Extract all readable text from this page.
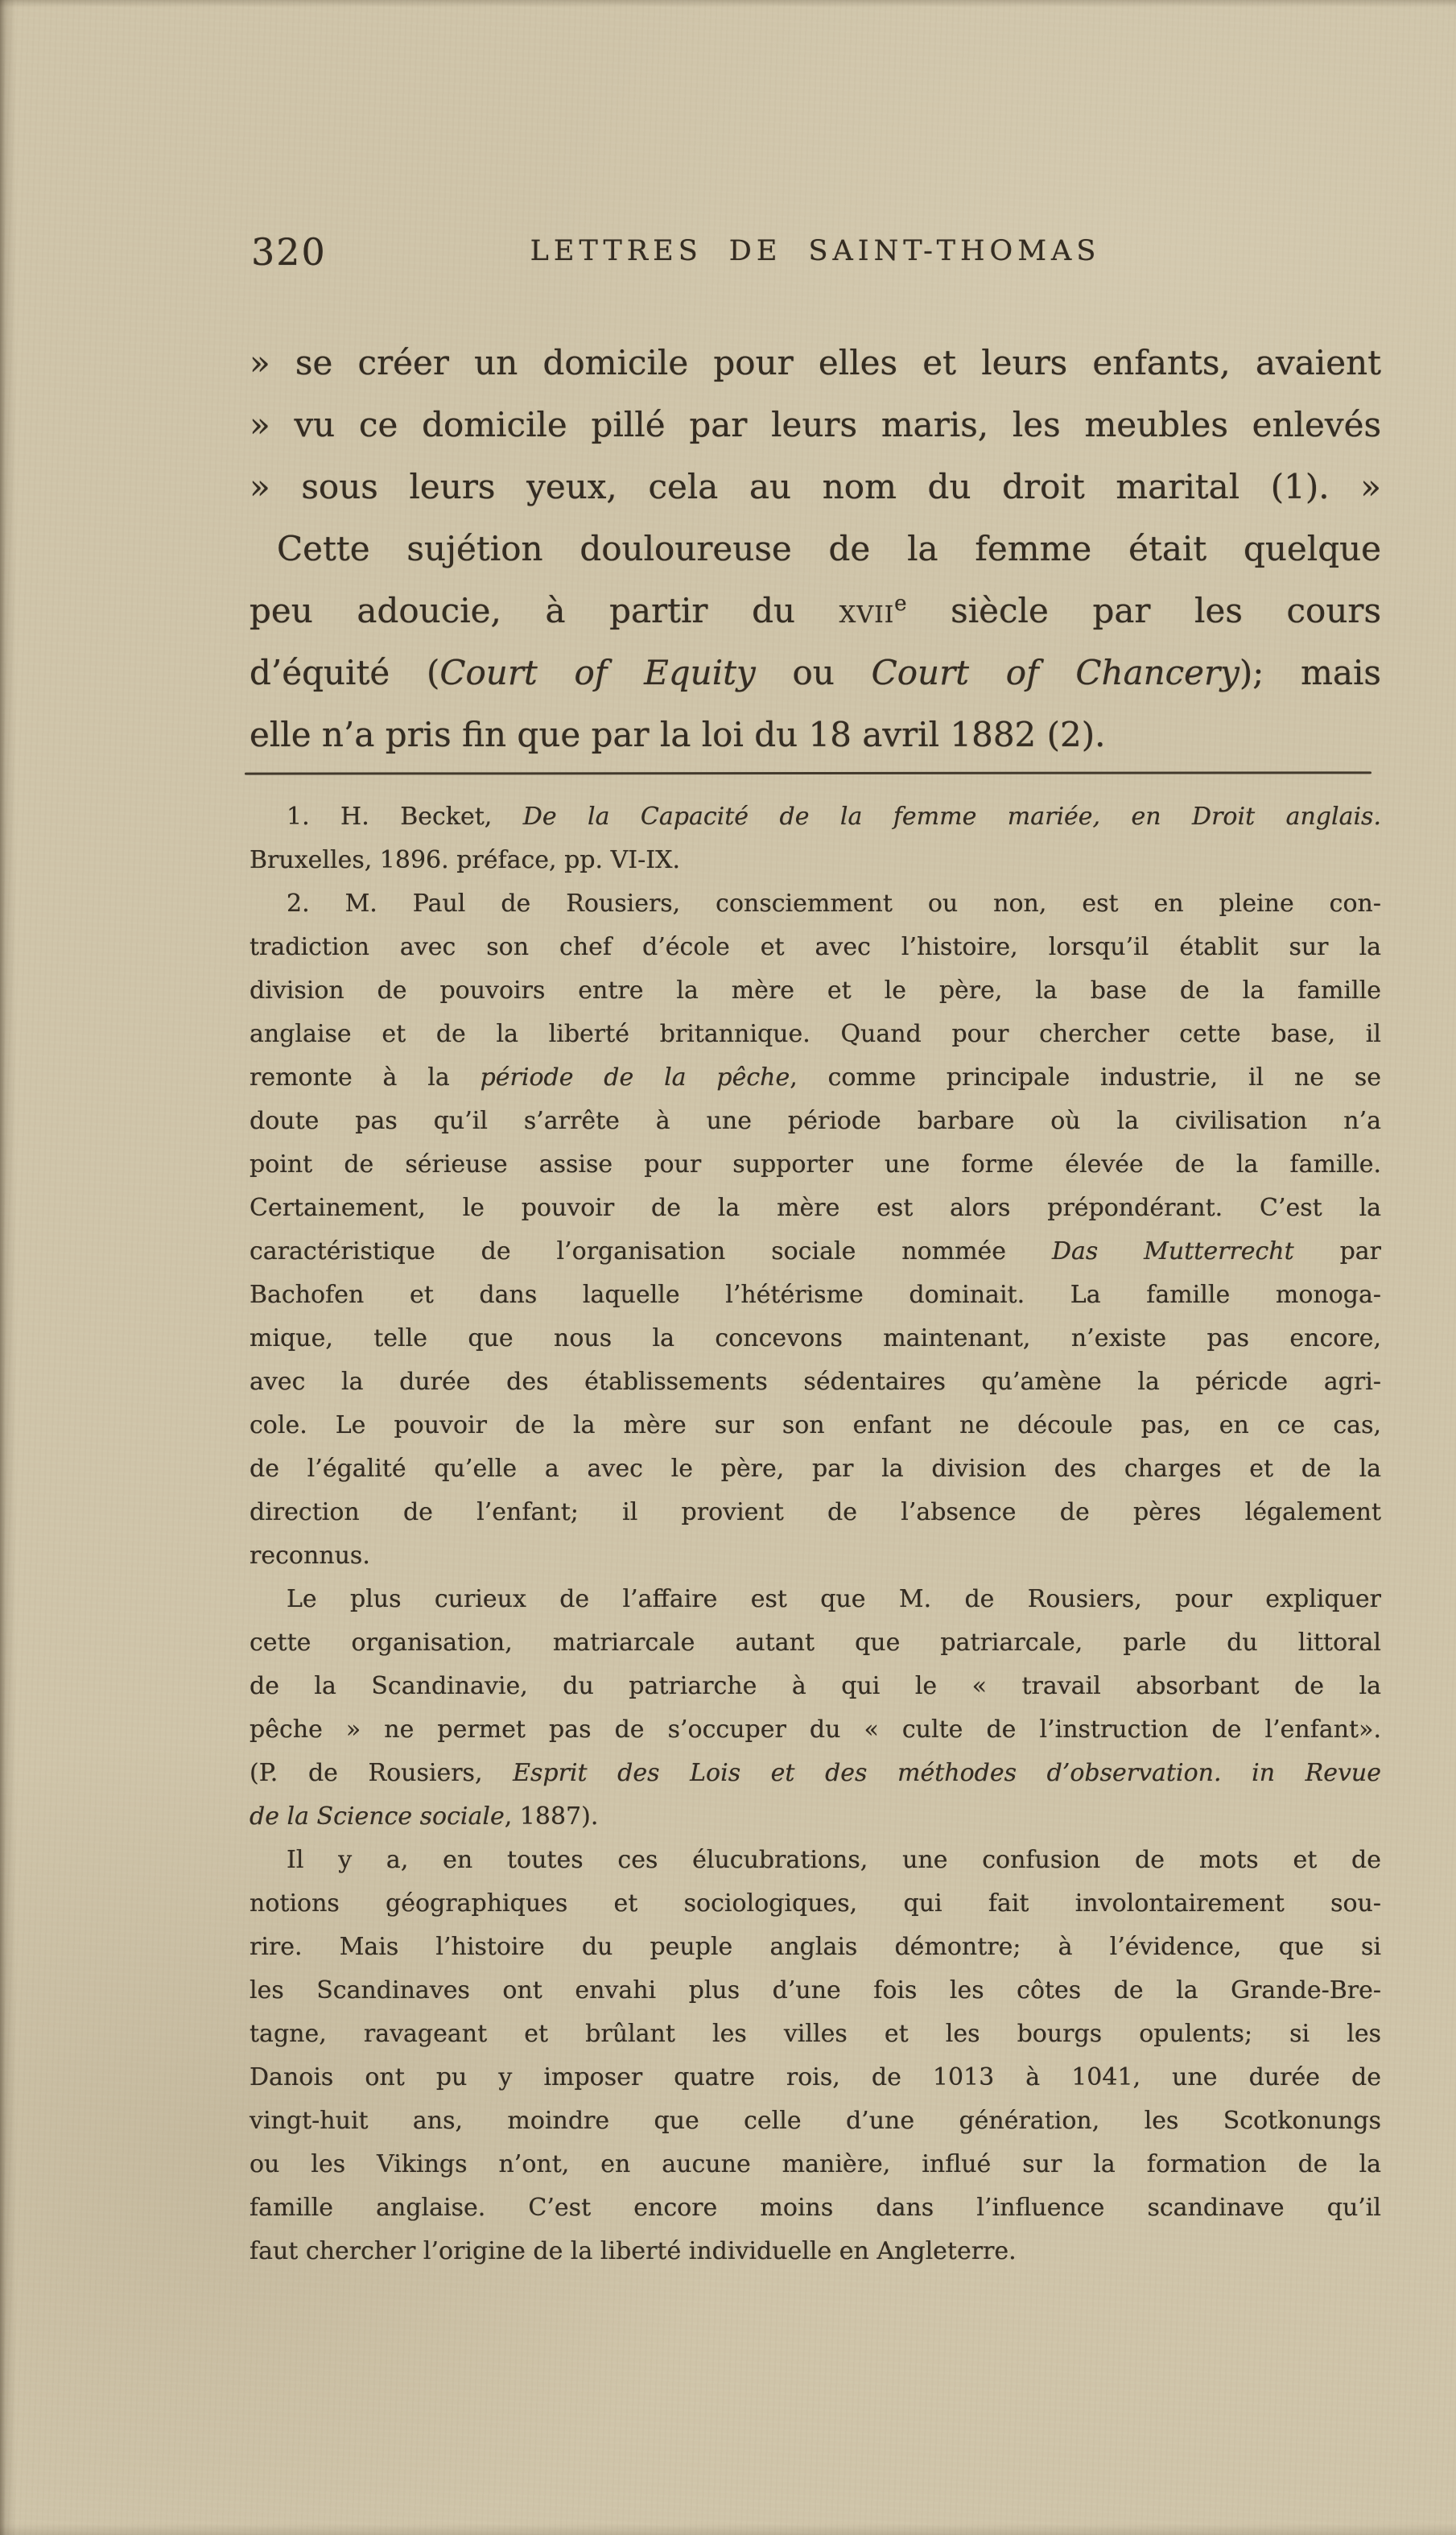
320	LETTRES DE SAINT-THOMAS
» se créer un domicile pour elles et leurs enfants, avaient
» vu ce domicile pillé par leurs maris, les meubles enlevés
» sous leurs yeux, cela au nom du droit marital (1). »
Cette sujétion douloureuse de la femme était quelque
peu adoucie, à partir du xvii$^e$ siècle par les cours
d’équité (Court of Equity ou Court of Chancery); mais
elle n’a pris fin que par la loi du 18 avril 1882 (2).
1. H. Becket, De la Capacité de la femme mariée, en Droit anglais.
Bruxelles, 1896. préface, pp. VI-IX.
2. M. Paul de Rousiers, consciemment ou non, est en pleine con-
tradiction avec son chef d’école et avec l’histoire, lorsqu’il établit sur la
division de pouvoirs entre la mère et le père, la base de la famille
anglaise et de la liberté britannique. Quand pour chercher cette base, il
remonte à la période de la pêche, comme principale industrie, il ne se
doute pas qu’il s’arrête à une période barbare où la civilisation n’a
point de sérieuse assise pour supporter une forme élevée de la famille.
Certainement, le pouvoir de la mère est alors prépondérant. C’est la
caractéristique de l’organisation sociale nommée Das Mutterrecht par
Bachofen et dans laquelle l’hétérisme dominait. La famille monoga-
mique, telle que nous la concevons maintenant, n’existe pas encore,
avec la durée des établissements sédentaires qu’amène la péricde agri-
cole. Le pouvoir de la mère sur son enfant ne découle pas, en ce cas,
de l’égalité qu’elle a avec le père, par la division des charges et de la
direction de l’enfant; il provient de l’absence de pères légalement
reconnus.
Le plus curieux de l’affaire est que M. de Rousiers, pour expliquer
cette organisation, matriarcale autant que patriarcale, parle du littoral
de la Scandinavie, du patriarche à qui le « travail absorbant de la
pêche » ne permet pas de s’occuper du « culte de l’instruction de l’enfant».
(P. de Rousiers, Esprit des Lois et des méthodes d’observation. in Revue
de la Science sociale, 1887).
Il y a, en toutes ces élucubrations, une confusion de mots et de
notions géographiques et sociologiques, qui fait involontairement sou-
rire. Mais l’histoire du peuple anglais démontre; à l’évidence, que si
les Scandinaves ont envahi plus d’une fois les côtes de la Grande-Bre-
tagne, ravageant et brûlant les villes et les bourgs opulents; si les
Danois ont pu y imposer quatre rois, de 1013 à 1041, une durée de
vingt-huit ans, moindre que celle d’une génération, les Scotkonungs
ou les Vikings n’ont, en aucune manière, influé sur la formation de la
famille anglaise. C’est encore moins dans l’influence scandinave qu’il
faut chercher l’origine de la liberté individuelle en Angleterre.
